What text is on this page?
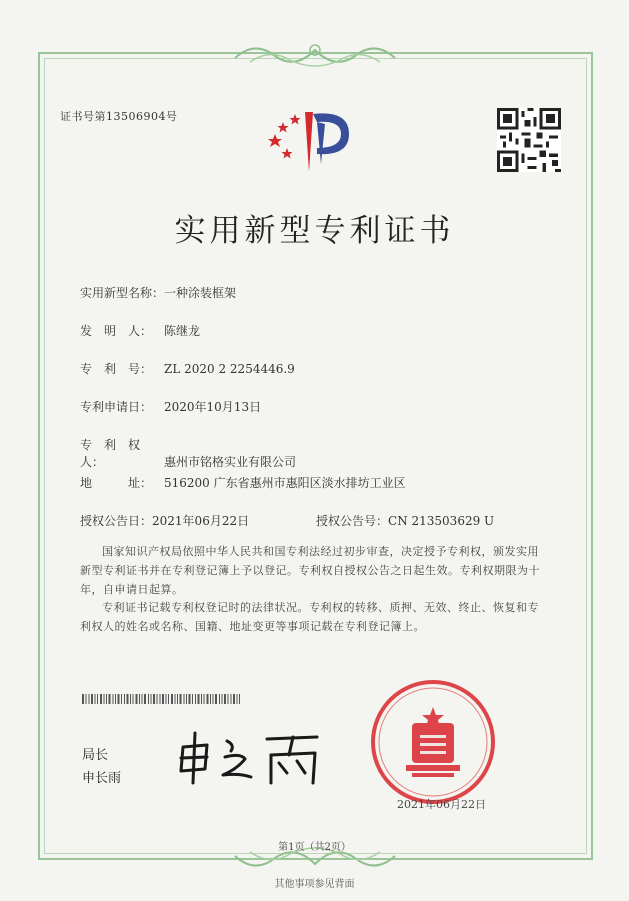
证书号第13506904号
实用新型专利证书
实用新型名称：一种涂装框架
发　明　人： 陈继龙
专　利　号： ZL 2020 2 2254446.9
专利申请日： 2020年10月13日
专　利　权　人：	惠州市铭格实业有限公司
地　　　址： 516200 广东省惠州市惠阳区淡水排坊工业区
授权公告日：2021年06月22日	授权公告号：CN 213503629 U
国家知识产权局依照中华人民共和国专利法经过初步审查，决定授予专利权，颁发实用新型专利证书并在专利登记簿上予以登记。专利权自授权公告之日起生效。专利权期限为十年，自申请日起算。
专利证书记载专利权登记时的法律状况。专利权的转移、质押、无效、终止、恢复和专利权人的姓名或名称、国籍、地址变更等事项记载在专利登记簿上。
局长
申长雨
2021年06月22日
第1页（共2页）
其他事项参见背面
